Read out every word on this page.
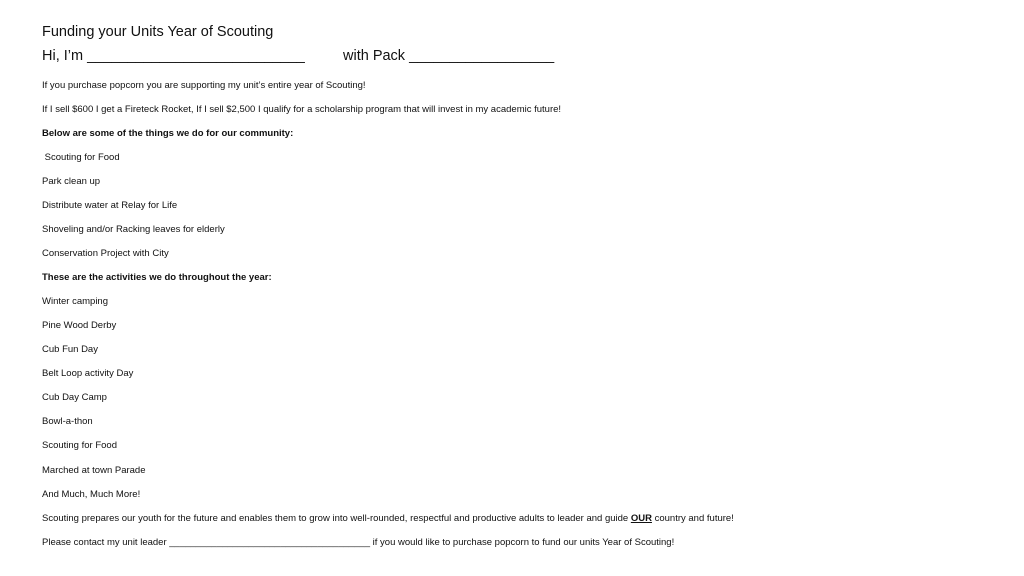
Funding your Units Year of Scouting
Hi, I’m ___________________________	with Pack __________________
If you purchase popcorn you are supporting my unit’s entire year of Scouting!
If I sell $600 I get a Fireteck Rocket, If I sell $2,500 I qualify for a scholarship program that will invest in my academic future!
Below are some of the things we do for our community:
Scouting for Food
Park clean up
Distribute water at Relay for Life
Shoveling and/or Racking leaves for elderly
Conservation Project with City
These are the activities we do throughout the year:
Winter camping
Pine Wood Derby
Cub Fun Day
Belt Loop activity Day
Cub Day Camp
Bowl-a-thon
Scouting for Food
Marched at town Parade
And Much, Much More!
Scouting prepares our youth for the future and enables them to grow into well-rounded, respectful and productive adults to leader and guide OUR country and future!
Please contact my unit leader ______________________________________ if you would like to purchase popcorn to fund our units Year of Scouting!
